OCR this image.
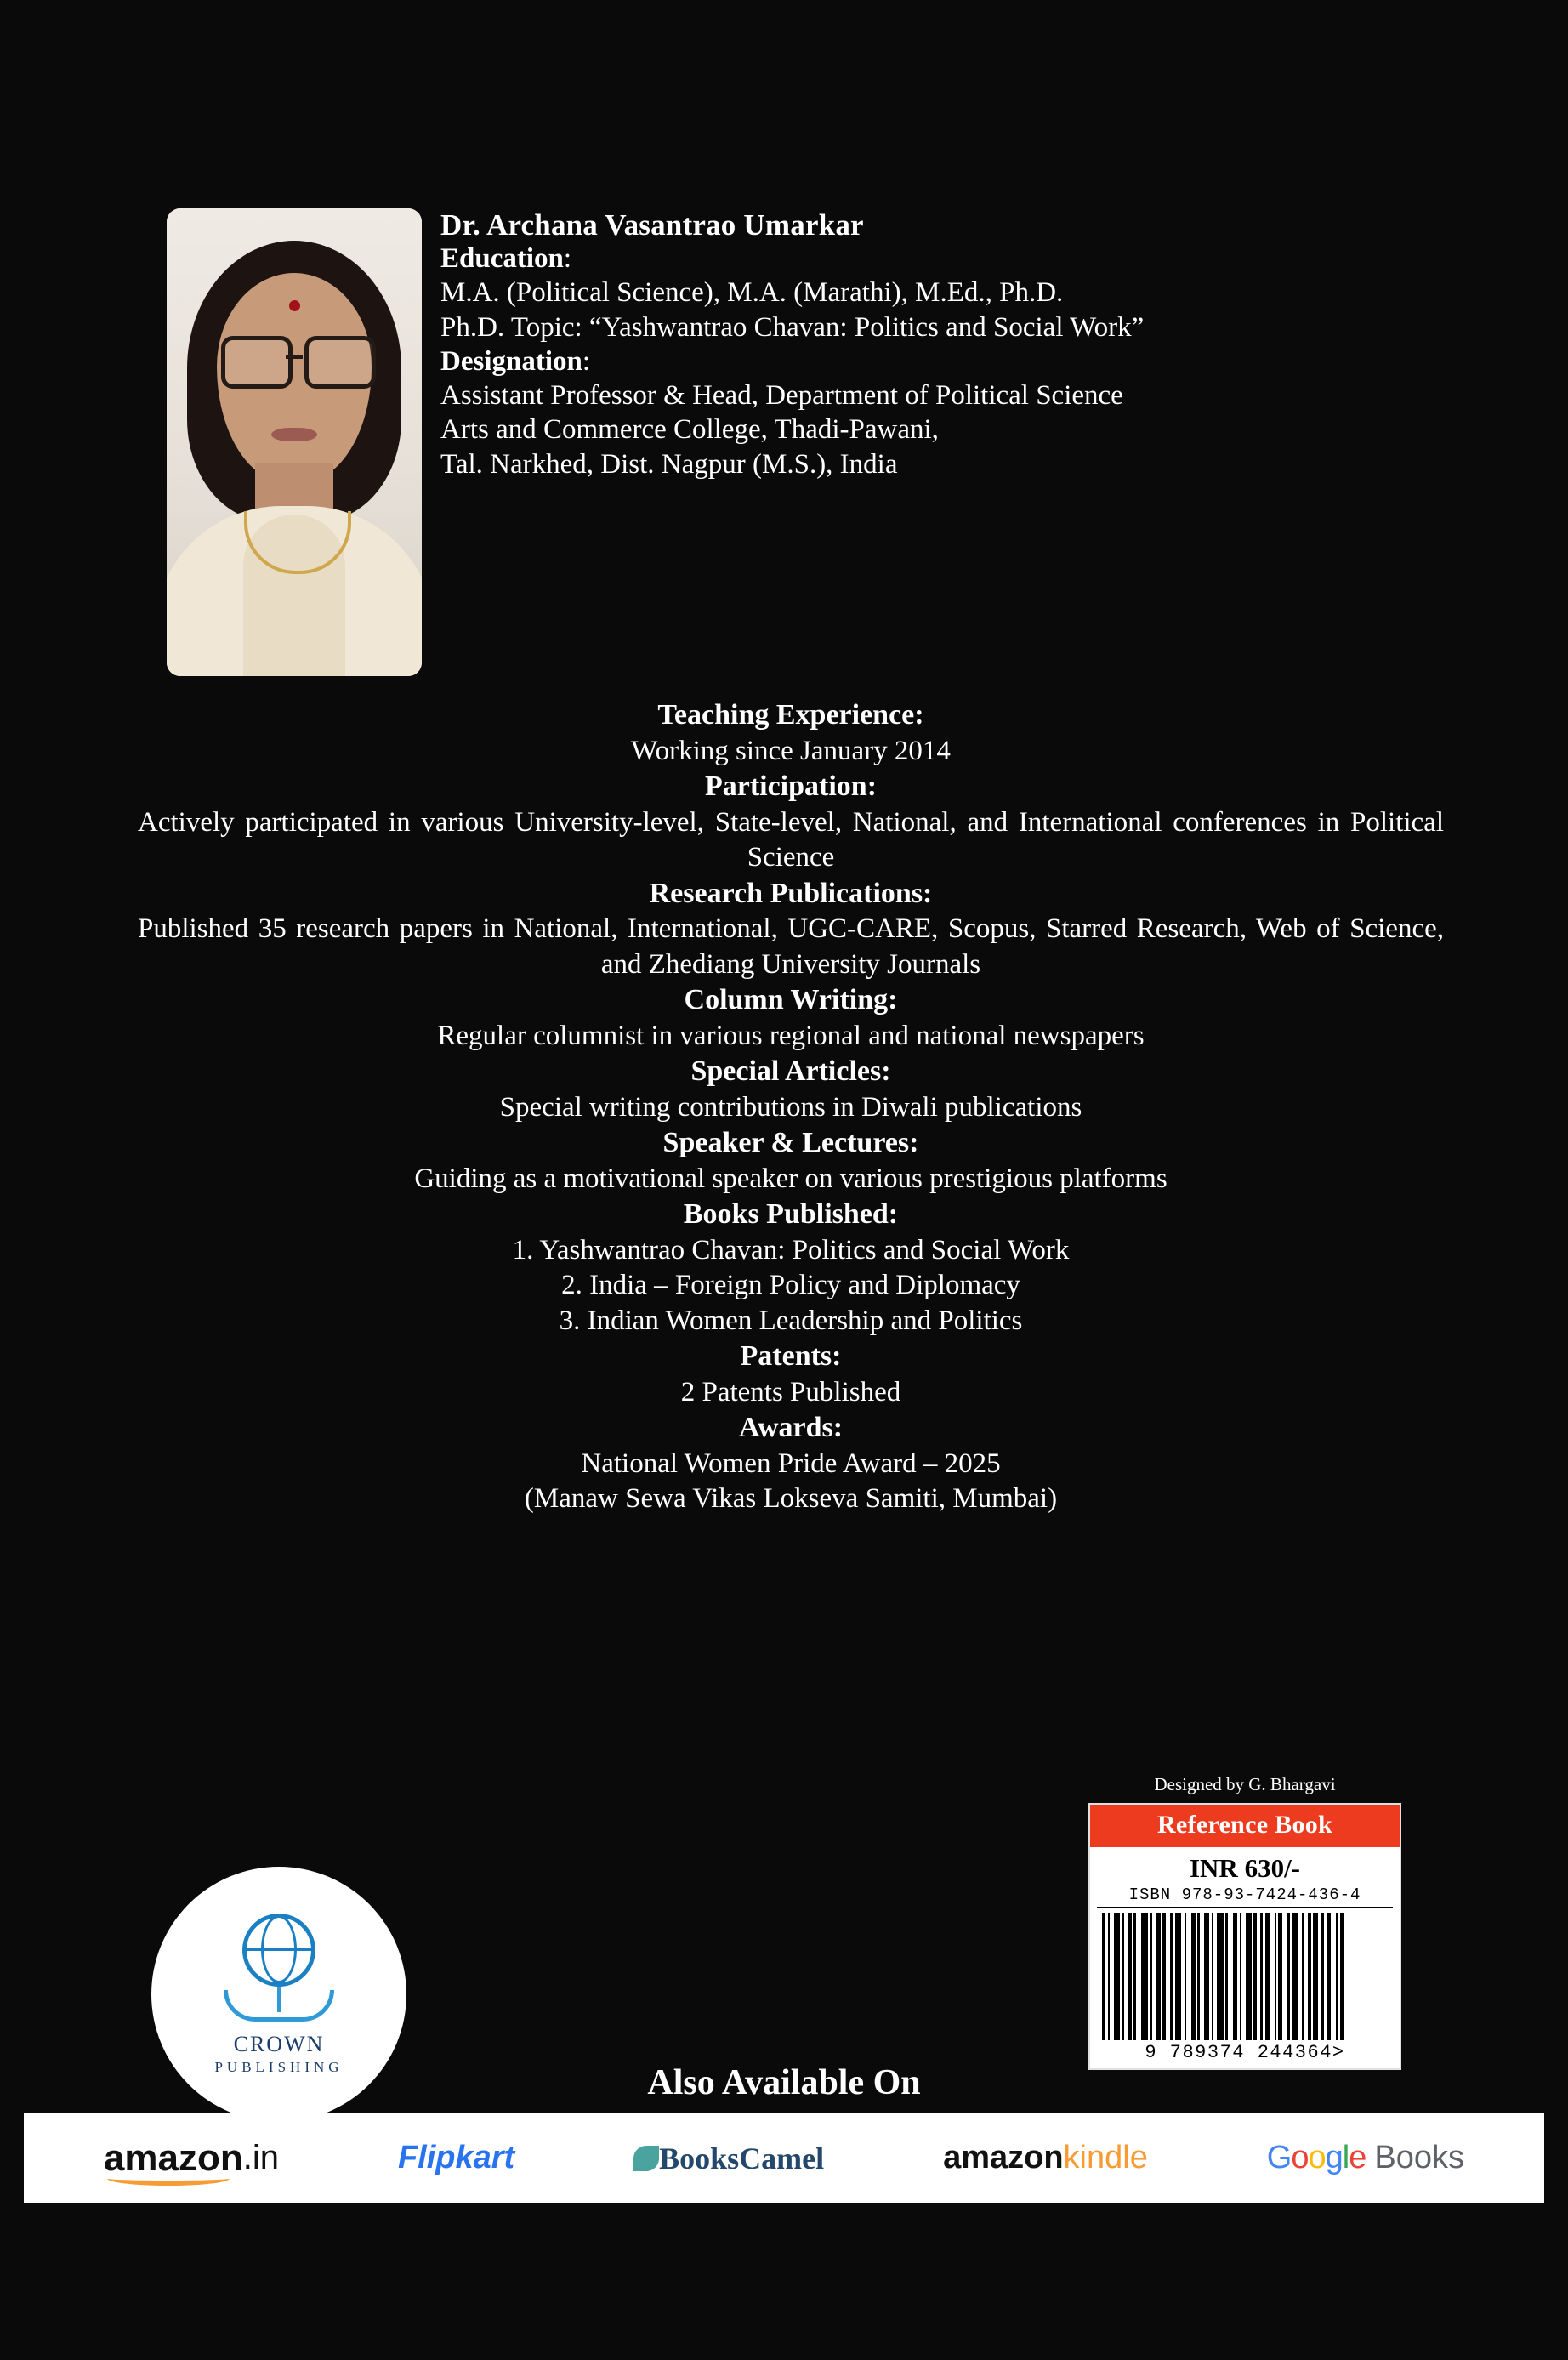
Dr. Archana Vasantrao Umarkar
Education:
M.A. (Political Science), M.A. (Marathi), M.Ed., Ph.D.
Ph.D. Topic: “Yashwantrao Chavan: Politics and Social Work”
Designation:
Assistant Professor & Head, Department of Political Science
Arts and Commerce College, Thadi-Pawani,
Tal. Narkhed, Dist. Nagpur (M.S.), India
Teaching Experience:
Working since January 2014
Participation:
Actively participated in various University-level, State-level, National, and International conferences in Political Science
Research Publications:
Published 35 research papers in National, International, UGC-CARE, Scopus, Starred Research, Web of Science, and Zhediang University Journals
Column Writing:
Regular columnist in various regional and national newspapers
Special Articles:
Special writing contributions in Diwali publications
Speaker & Lectures:
Guiding as a motivational speaker on various prestigious platforms
Books Published:
1. Yashwantrao Chavan: Politics and Social Work
2. India – Foreign Policy and Diplomacy
3. Indian Women Leadership and Politics
Patents:
2 Patents Published
Awards:
National Women Pride Award – 2025
(Manaw Sewa Vikas Lokseva Samiti, Mumbai)
Designed by G. Bhargavi
Reference Book
INR 630/-
ISBN 978-93-7424-436-4
9 789374 244364>
CROWN
PUBLISHING	Also Available On
amazon .in	Flipkart	BooksCamel	amazon kindle	Google Books
